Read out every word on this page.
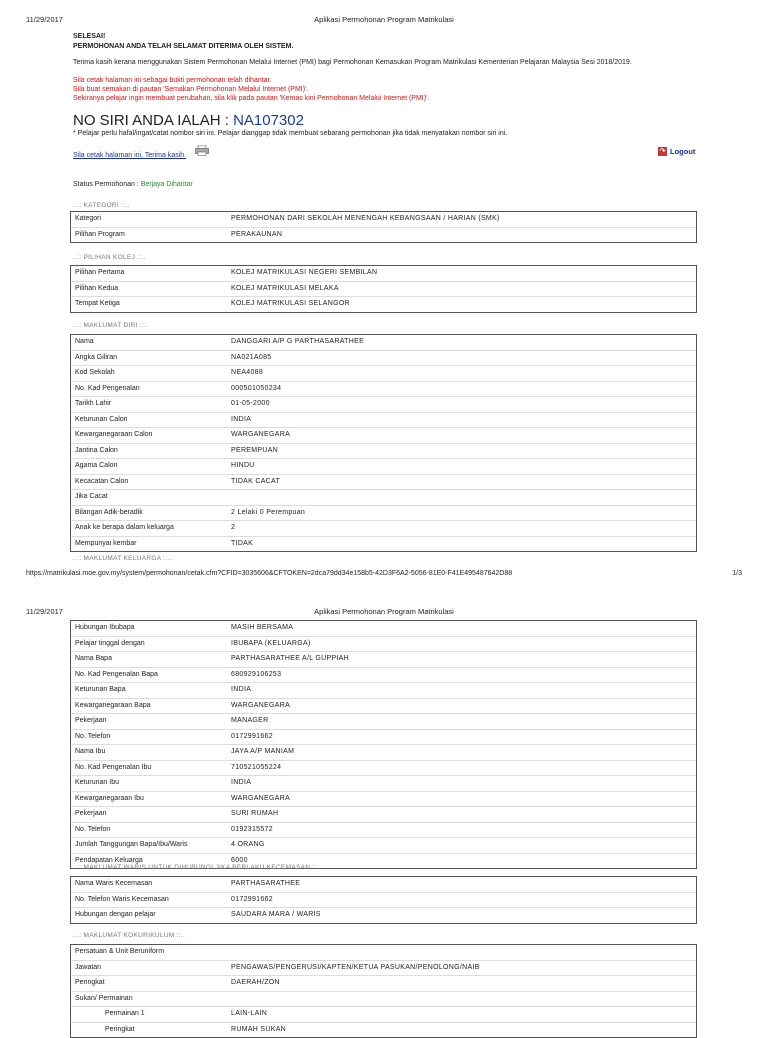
11/29/2017	Aplikasi Permohonan Program Matrikulasi
SELESAI!
PERMOHONAN ANDA TELAH SELAMAT DITERIMA OLEH SISTEM.
Terima kasih kerana menggunakan Sistem Permohonan Melalui Internet (PMI) bagi Permohonan Kemasukan Program Matrikulasi Kementerian Pelajaran Malaysia Sesi 2018/2019.
Sila cetak halaman ini sebagai bukti permohonan telah dihantar.
Sila buat semakan di pautan 'Semakan Permohonan Melalui Internet (PMI)'.
Sekiranya pelajar ingin membuat perubahan, sila klik pada pautan 'Kemas kini Permohonan Melalui Internet (PMI)'.
NO SIRI ANDA IALAH : NA107302
* Pelajar perlu hafal/ingat/catat nombor siri ini. Pelajar dianggap tidak membuat sebarang permohonan jika tidak menyatakan nombor siri ini.
Sila cetak halaman ini, Terima kasih.
↷ Logout
Status Permohonan : Berjaya Dihantar
..:: KATEGORI ::..
Kategori	PERMOHONAN DARI SEKOLAH MENENGAH KEBANGSAAN / HARIAN (SMK)
Pilihan Program	PERAKAUNAN
..:: PILIHAN KOLEJ ::..
Pilihan Pertama	KOLEJ MATRIKULASI NEGERI SEMBILAN
Pilihan Kedua	KOLEJ MATRIKULASI MELAKA
Tempat Ketiga	KOLEJ MATRIKULASI SELANGOR
..:: MAKLUMAT DIRI ::..
Nama	DANGGARI A/P G PARTHASARATHEE
Angka Giliran	NA021A085
Kod Sekolah	NEA4088
No. Kad Pengenalan	000501050234
Tarikh Lahir	01-05-2000
Keturunan Calon	INDIA
Kewarganegaraan Calon	WARGANEGARA
Jantina Calon	PEREMPUAN
Agama Calon	HINDU
Kecacatan Calon	TIDAK CACAT
Jika Cacat
Bilangan Adik-beradik	2 Lelaki 0 Perempuan
Anak ke berapa dalam keluarga	2
Mempunyai kembar	TIDAK
..:: MAKLUMAT KELUARGA ::..
https://matrikulasi.moe.gov.my/system/permohonan/cetak.cfm?CFID=3035606&CFTOKEN=2dca79dd34e158b5-42D3F6A2-5056-81E0-F41E495487642D88	1/3
11/29/2017	Aplikasi Permohonan Program Matrikulasi
Hubungan Ibubapa	MASIH BERSAMA
Pelajar tinggal dengan	IBUBAPA (KELUARGA)
Nama Bapa	PARTHASARATHEE A/L GUPPIAH
No. Kad Pengenalan Bapa	680929106253
Keturunan Bapa	INDIA
Kewarganegaraan Bapa	WARGANEGARA
Pekerjaan	MANAGER
No. Telefon	0172991662
Nama Ibu	JAYA A/P MANIAM
No. Kad Pengenalan Ibu	710521055224
Keturunan Ibu	INDIA
Kewarganegaraan Ibu	WARGANEGARA
Pekerjaan	SURI RUMAH
No. Telefon	0192315572
Jumlah Tanggungan Bapa/Ibu/Waris	4 ORANG
Pendapatan Keluarga	6000
..:: MAKLUMAT WARIS UNTUK DIHUBUNGI JIKA BERLAKU KECEMASAN ::..
Nama Waris Kecemasan	PARTHASARATHEE
No. Telefon Waris Kecemasan	0172991662
Hubungan dengan pelajar	SAUDARA MARA / WARIS
..:: MAKLUMAT KOKURIKULUM ::..
Persatuan & Unit Beruniform
Jawatan	PENGAWAS/PENGERUSI/KAPTEN/KETUA PASUKAN/PENOLONG/NAIB
Peringkat	DAERAH/ZON
Sukan/ Permainan
Permainan 1	LAIN-LAIN
Peringkat	RUMAH SUKAN
